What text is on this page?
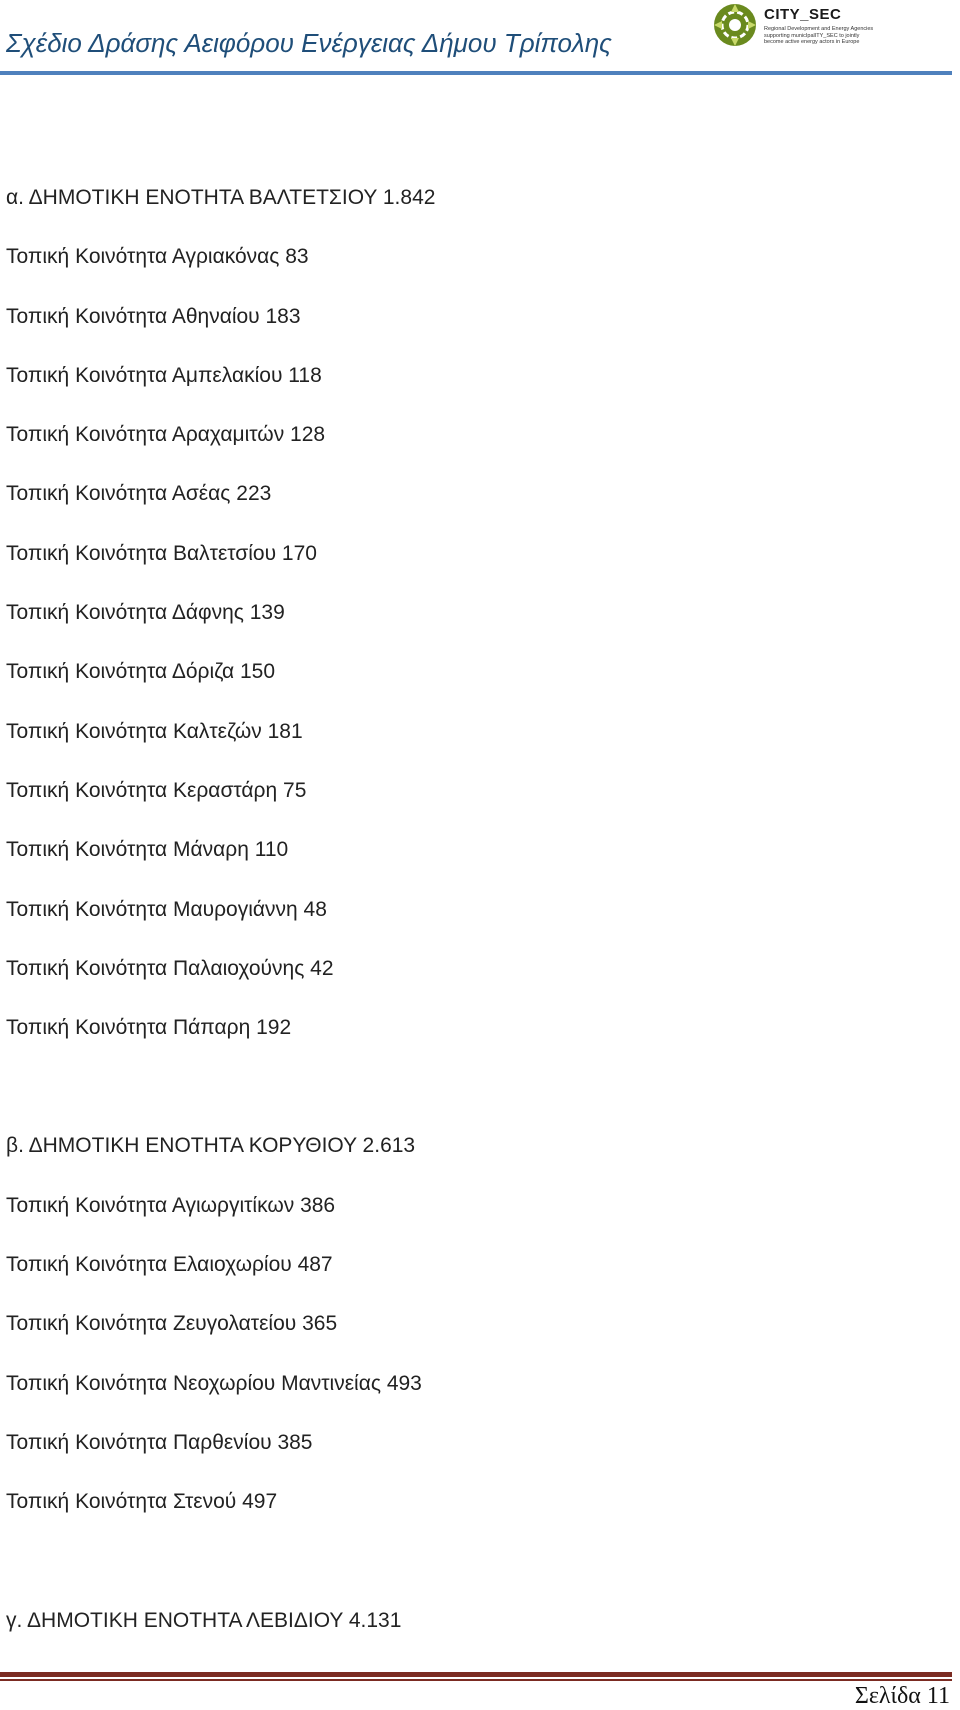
Σχέδιο Δράσης Αειφόρου Ενέργειας Δήμου Τρίπολης
CITY_SEC
Regional Development and Energy Agencies
supporting municIpalITY_SEC to jointly
become active energy actors in Europe
α. ΔΗΜΟΤΙΚΗ ΕΝΟΤΗΤΑ ΒΑΛΤΕΤΣΙΟΥ 1.842
Τοπική Κοινότητα Αγριακόνας 83
Τοπική Κοινότητα Αθηναίου 183
Τοπική Κοινότητα Αμπελακίου 118
Τοπική Κοινότητα Αραχαμιτών 128
Τοπική Κοινότητα Ασέας 223
Τοπική Κοινότητα Βαλτετσίου 170
Τοπική Κοινότητα Δάφνης 139
Τοπική Κοινότητα Δόριζα 150
Τοπική Κοινότητα Καλτεζών 181
Τοπική Κοινότητα Κεραστάρη 75
Τοπική Κοινότητα Μάναρη 110
Τοπική Κοινότητα Μαυρογιάννη 48
Τοπική Κοινότητα Παλαιοχούνης 42
Τοπική Κοινότητα Πάπαρη 192
β. ΔΗΜΟΤΙΚΗ ΕΝΟΤΗΤΑ ΚΟΡΥΘΙΟΥ 2.613
Τοπική Κοινότητα Αγιωργιτίκων 386
Τοπική Κοινότητα Ελαιοχωρίου 487
Τοπική Κοινότητα Ζευγολατείου 365
Τοπική Κοινότητα Νεοχωρίου Μαντινείας 493
Τοπική Κοινότητα Παρθενίου 385
Τοπική Κοινότητα Στενού 497
γ. ΔΗΜΟΤΙΚΗ ΕΝΟΤΗΤΑ ΛΕΒΙΔΙΟΥ 4.131
Σελίδα 11
